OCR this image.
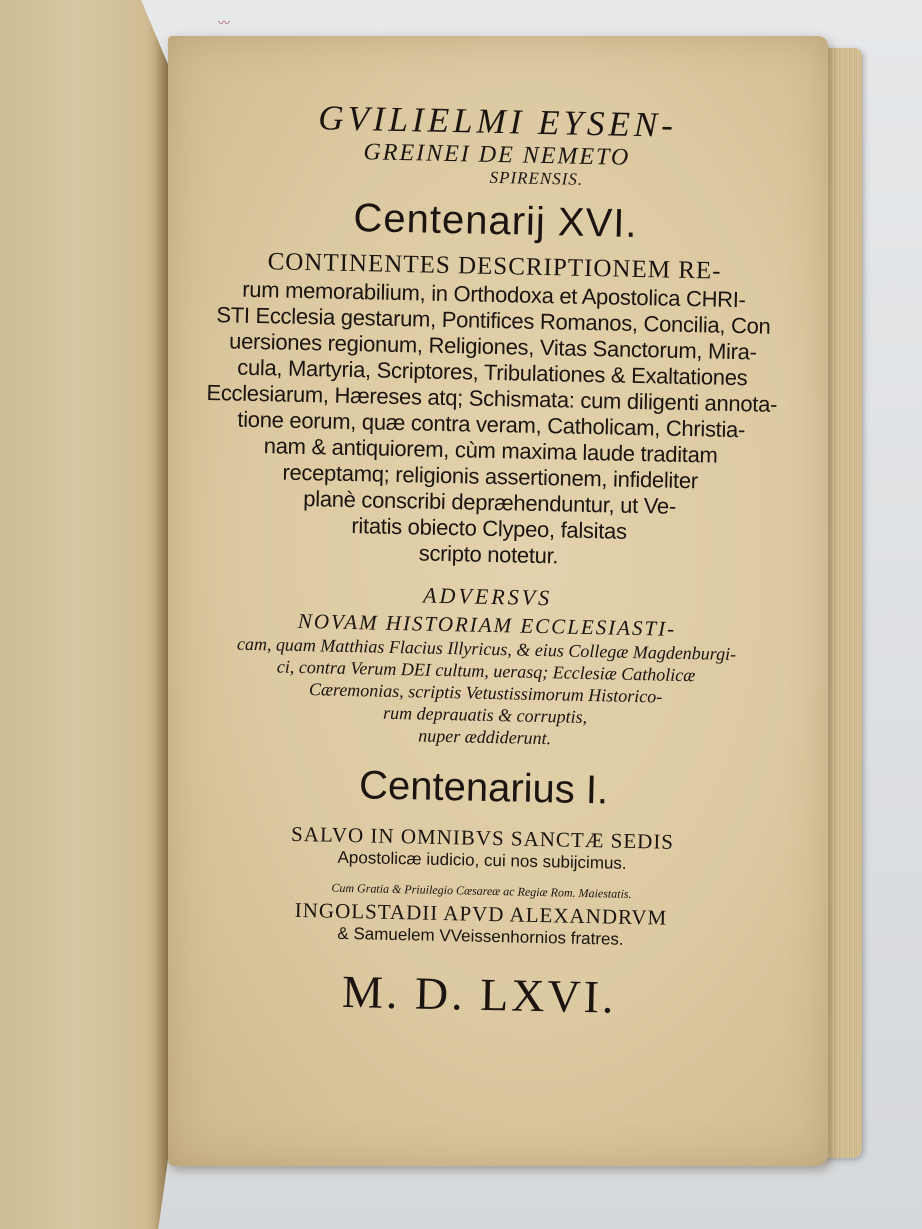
〰

GVILIELMI EYSEN-

GREINEI DE NEMETO

SPIRENSIS.

Centenarij XVI.

CONTINENTES DESCRIPTIONEM RE-

rum memorabilium, in Orthodoxa et Apostolica CHRI-

STI Ecclesia gestarum, Pontifices Romanos, Concilia, Con

uersiones regionum, Religiones, Vitas Sanctorum, Mira-

cula, Martyria, Scriptores, Tribulationes & Exaltationes

Ecclesiarum, Hæreses atq; Schismata: cum diligenti annota-

tione eorum, quæ contra veram, Catholicam, Christia-

nam & antiquiorem, cùm maxima laude traditam

receptamq; religionis assertionem, infideliter

planè conscribi depræhenduntur, ut Ve-

ritatis obiecto Clypeo, falsitas

scripto notetur.

ADVERSVS

NOVAM HISTORIAM ECCLESIASTI-

cam, quam Matthias Flacius Illyricus, & eius Collegæ Magdenburgi-

ci, contra Verum DEI cultum, uerasq; Ecclesiæ Catholicæ

Cæremonias, scriptis Vetustissimorum Historico-

rum deprauatis & corruptis,

nuper æddiderunt.

Centenarius I.

SALVO IN OMNIBVS SANCTÆ SEDIS

Apostolicæ iudicio, cui nos subijcimus.

Cum Gratia & Priuilegio Cæsareæ ac Regiæ Rom. Maiestatis.

INGOLSTADII APVD ALEXANDRVM

& Samuelem VVeissenhornios fratres.

M. D. LXVI.
